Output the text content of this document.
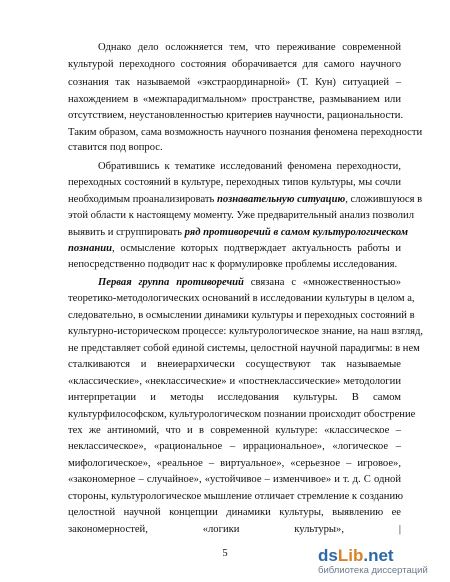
Однако дело осложняется тем, что переживание современной
культурой переходного состояния оборачивается для самого научного
сознания так называемой «экстраординарной» (Т. Кун) ситуацией –
нахождением в «межпарадигмальном» пространстве, размыванием или
отсутствием, неустановленностью критериев научности, рациональности.
Таким образом, сама возможность научного познания феномена переходности
ставится под вопрос.
Обратившись к тематике исследований феномена переходности,
переходных состояний в культуре, переходных типов культуры, мы сочли
необходимым проанализировать познавательную ситуацию, сложившуюся в
этой области к настоящему моменту. Уже предварительный анализ позволил
выявить и сгруппировать ряд противоречий в самом культурологическом
познании, осмысление которых подтверждает актуальность работы и
непосредственно подводит нас к формулировке проблемы исследования.
Первая группа противоречий связана с «множественностью»
теоретико-методологических оснований в исследовании культуры в целом а,
следовательно, в осмыслении динамики культуры и переходных состояний в
культурно-историческом процессе: культурологическое знание, на наш взгляд,
не представляет собой единой системы, целостной научной парадигмы: в нем
сталкиваются и внеиерархически сосуществуют так называемые
«классические», «неклассические» и «постнеклассические» методологии
интерпретации и методы исследования культуры. В самом
культурфилософском, культурологическом познании происходит обострение
тех же антиномий, что и в современной культуре: «классическое –
неклассическое», «рациональное – иррациональное», «логическое –
мифологическое», «реальное – виртуальное», «серьезное – игровое»,
«закономерное – случайное», «устойчивое – изменчивое» и т. д. С одной
стороны, культурологическое мышление отличает стремление к созданию
целостной научной концепции динамики культуры, выявлению ее
закономерностей, «логики культуры», |
5	dsLib.net
библиотека диссертаций
